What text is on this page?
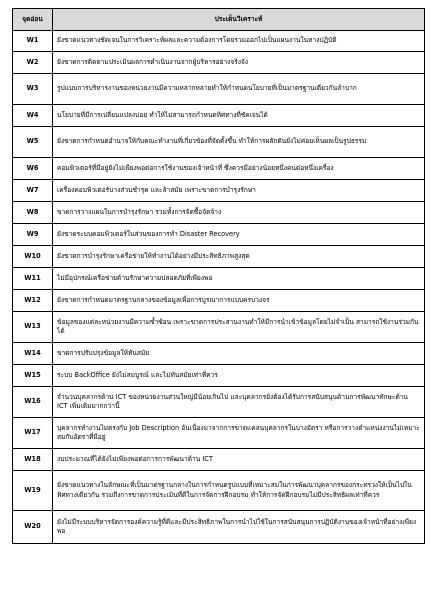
จุดอ่อน	ประเด็นวิเคราะห์
W1	ยังขาดแนวทางชัดเจนในการวิเคราะห์ผลและความต้องการโดยรวมออกไปเป็นแผนงานในทางปฏิบัติ
W2	ยังขาดการติดตามประเมินผลการดำเนินงานจากผู้บริหารอย่างจริงจัง
W3	รูปแบบการบริหารงานของหน่วยงานมีความหลากหลายทำให้กำหนดนโยบายที่เป็นมาตรฐานเดียวกันลำบาก
W4	นโยบายที่มีการเปลี่ยนแปลงบ่อย ทำให้ไม่สามารถกำหนดทิศทางที่ชัดเจนได้
W5	ยังขาดการกำหนดอำนาจให้กับคณะทำงานที่เกี่ยวข้องที่จัดตั้งขึ้น ทำให้การผลักดันยังไม่ค่อยเห็นผลเป็นรูปธรรม
W6	คอมพิวเตอร์ที่มีอยู่ยังไม่เพียงพอต่อการใช้งานของเจ้าหน้าที่ ซึ่งควรมีอย่างน้อยหนึ่งคนต่อหนึ่งเครื่อง
W7	เครื่องคอมพิวเตอร์บางส่วนชำรุด และล้าสมัย เพราะขาดการบำรุงรักษา
W8	ขาดการวางแผนในการบำรุงรักษา รวมทั้งการจัดซื้อจัดจ้าง
W9	ยังขาดระบบคอมพิวเตอร์ในส่วนของการทำ Disaster Recovery
W10	ยังขาดการบำรุงรักษาเครือข่ายให้ทำงานได้อย่างมีประสิทธิภาพสูงสุด
W11	ไม่มีอุปกรณ์เครือข่ายด้านรักษาความปลอดภัยที่เพียงพอ
W12	ยังขาดการกำหนดมาตรฐานกลางของข้อมูลเพื่อการบูรณาการแบบครบวงจร
W13	ข้อมูลของแต่ละหน่วยงานมีความซ้ำซ้อน เพราะขาดการประสานงานทำให้มีการนำเข้าข้อมูลโดยไม่จำเป็น สามารถใช้งานร่วมกันได้
W14	ขาดการปรับปรุงข้อมูลให้ทันสมัย
W15	ระบบ BackOffice ยังไม่สมบูรณ์ และไม่ทันสมัยเท่าที่ควร
W16	จำนวนบุคลากรด้าน ICT ของหน่วยงานส่วนใหญ่มีน้อยเกินไป และบุคลากรยังต้องได้รับการสนับสนุนด้านการพัฒนาทักษะด้าน ICT เพิ่มเติมมากกว่านี้
W17	บุคลากรทำงานไม่ตรงกับ Job Description อันเนื่องมาจากการขาดแคลนบุคลากรในบางอัตรา หรือการวางตำแหน่งงานไม่เหมาะสมกับอัตราที่มีอยู่
W18	งบประมาณที่ได้ยังไม่เพียงพอต่อการการพัฒนาด้าน ICT
W19	ยังขาดแนวทางในลักษณะที่เป็นมาตรฐานกลางในการกำหนดรูปแบบที่เหมาะสมในการพัฒนาบุคลากรของกระทรวงให้เป็นไปในทิศทางเดียวกัน รวมถึงการขาดการประเมินที่ดีในการจัดการฝึกอบรม ทำให้การจัดฝึกอบรมไม่มีประสิทธิผลเท่าที่ควร
W20	ยังไม่มีระบบบริหารจัดการองค์ความรู้ที่ดีและมีประสิทธิภาพในการนำไปใช้ในการสนับสนุนการปฏิบัติงานของเจ้าหน้าที่อย่างเพียงพอ
